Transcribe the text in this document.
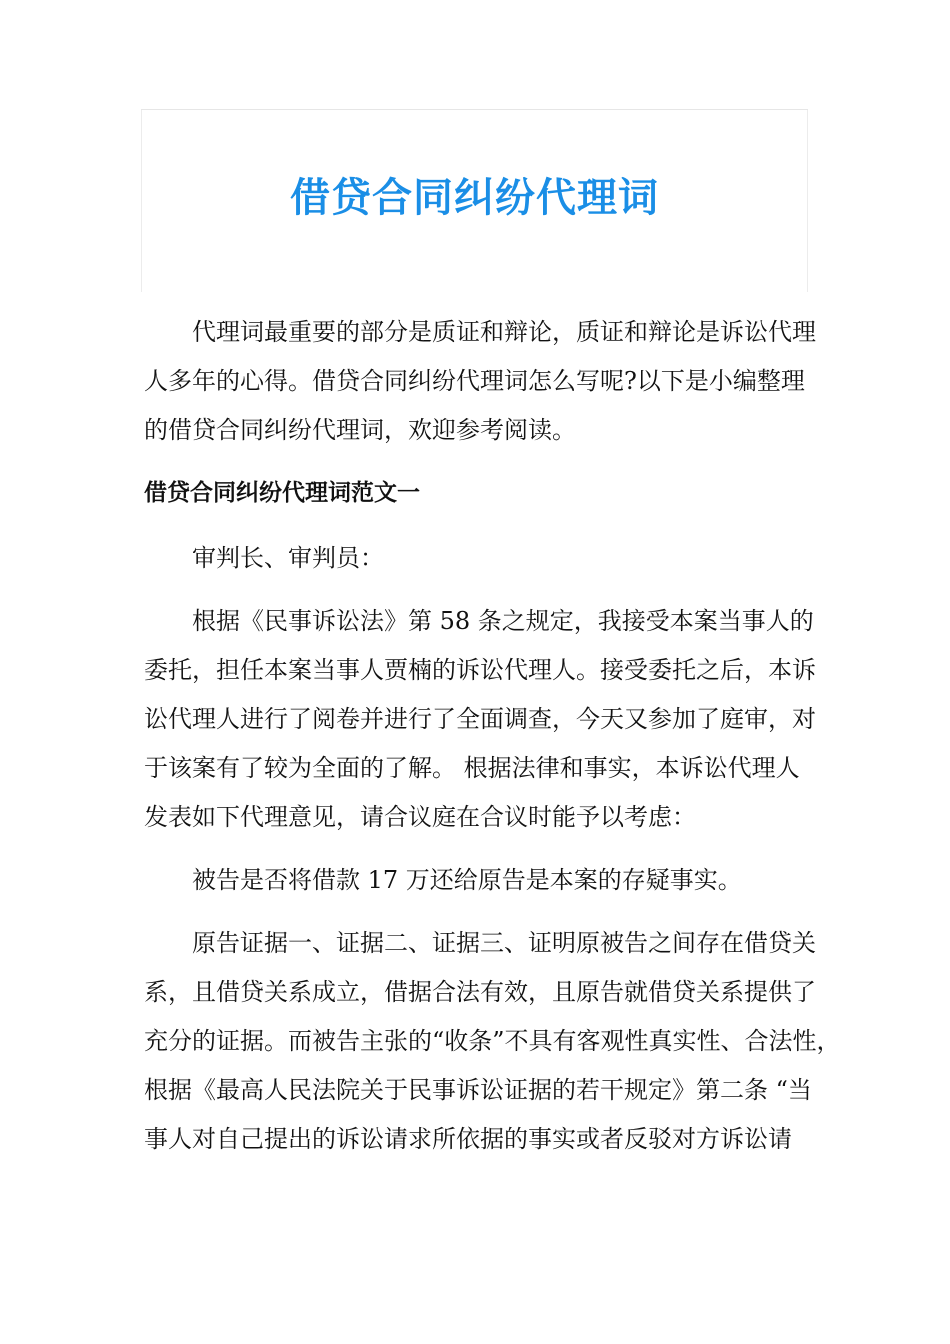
借贷合同纠纷代理词
代理词最重要的部分是质证和辩论，质证和辩论是诉讼代理
人多年的心得。借贷合同纠纷代理词怎么写呢?以下是小编整理
的借贷合同纠纷代理词，欢迎参考阅读。
借贷合同纠纷代理词范文一
审判长、审判员：
根据《民事诉讼法》第 58 条之规定，我接受本案当事人的
委托，担任本案当事人贾楠的诉讼代理人。接受委托之后，本诉
讼代理人进行了阅卷并进行了全面调查，今天又参加了庭审，对
于该案有了较为全面的了解。 根据法律和事实，本诉讼代理人
发表如下代理意见，请合议庭在合议时能予以考虑：
被告是否将借款 17 万还给原告是本案的存疑事实。
原告证据一、证据二、证据三、证明原被告之间存在借贷关
系，且借贷关系成立，借据合法有效，且原告就借贷关系提供了
充分的证据。而被告主张的“收条”不具有客观性真实性、合法性，
根据《最高人民法院关于民事诉讼证据的若干规定》第二条 “当
事人对自己提出的诉讼请求所依据的事实或者反驳对方诉讼请
